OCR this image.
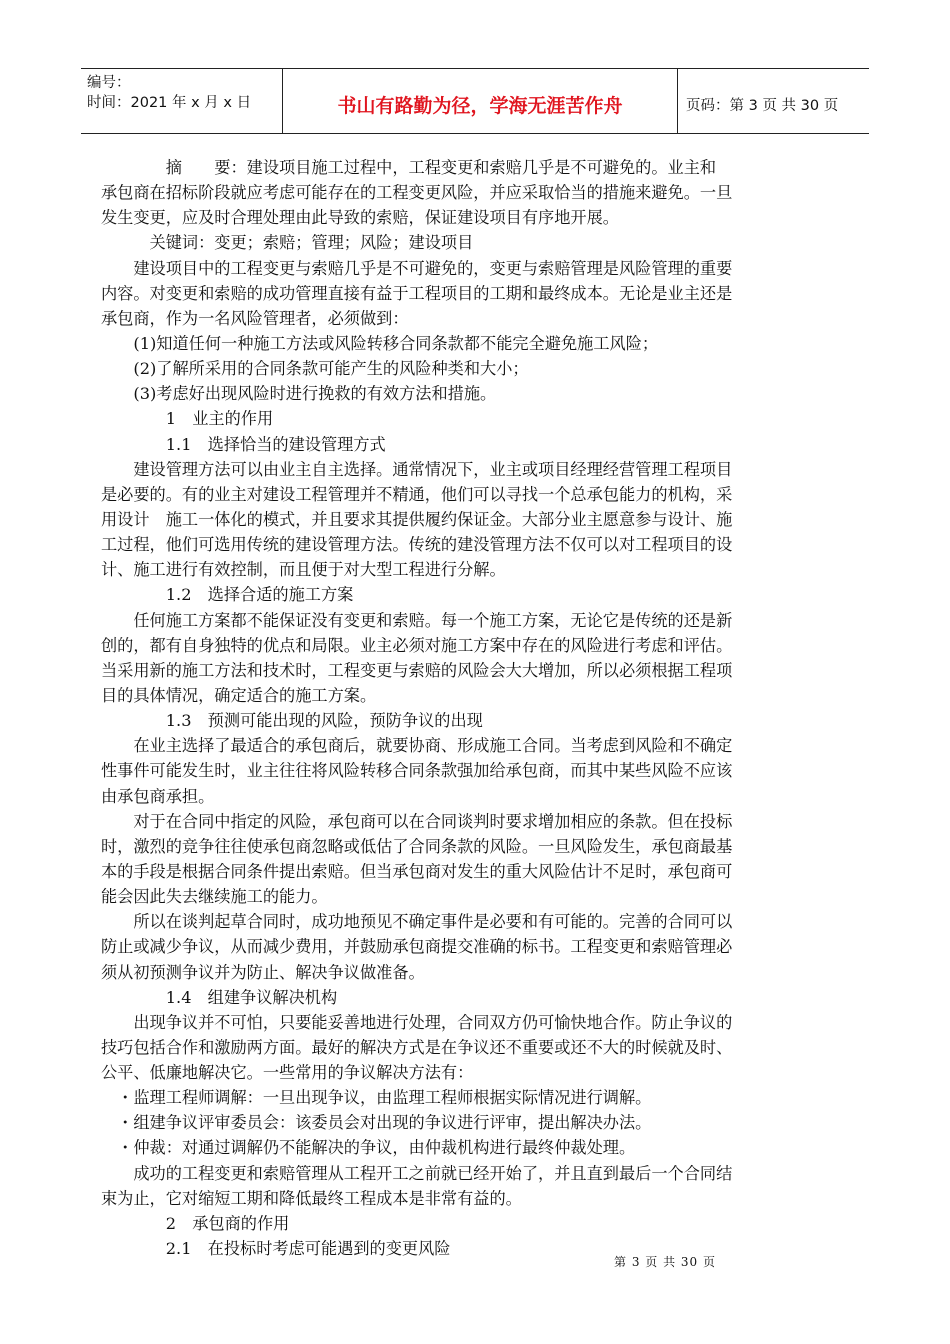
编号：
时间：2021 年 x 月 x 日	书山有路勤为径，学海无涯苦作舟	页码：第 3 页 共 30 页
　　　　摘　　要：建设项目施工过程中，工程变更和索赔几乎是不可避免的。业主和
承包商在招标阶段就应考虑可能存在的工程变更风险，并应采取恰当的措施来避免。一旦
发生变更，应及时合理处理由此导致的索赔，保证建设项目有序地开展。
　　　关键词：变更；索赔；管理；风险；建设项目
　　建设项目中的工程变更与索赔几乎是不可避免的，变更与索赔管理是风险管理的重要
内容。对变更和索赔的成功管理直接有益于工程项目的工期和最终成本。无论是业主还是
承包商，作为一名风险管理者，必须做到：
　　(1)知道任何一种施工方法或风险转移合同条款都不能完全避免施工风险；
　　(2)了解所采用的合同条款可能产生的风险种类和大小；
　　(3)考虑好出现风险时进行挽救的有效方法和措施。
　　　　1　业主的作用
　　　　1.1　选择恰当的建设管理方式
　　建设管理方法可以由业主自主选择。通常情况下，业主或项目经理经营管理工程项目
是必要的。有的业主对建设工程管理并不精通，他们可以寻找一个总承包能力的机构，采
用设计　施工一体化的模式，并且要求其提供履约保证金。大部分业主愿意参与设计、施
工过程，他们可选用传统的建设管理方法。传统的建没管理方法不仅可以对工程项目的设
计、施工进行有效控制，而且便于对大型工程进行分解。
　　　　1.2　选择合适的施工方案
　　任何施工方案都不能保证没有变更和索赔。每一个施工方案，无论它是传统的还是新
创的，都有自身独特的优点和局限。业主必须对施工方案中存在的风险进行考虑和评估。
当采用新的施工方法和技术时，工程变更与索赔的风险会大大增加，所以必须根据工程项
目的具体情况，确定适合的施工方案。
　　　　1.3　预测可能出现的风险，预防争议的出现
　　在业主选择了最适合的承包商后，就要协商、形成施工合同。当考虑到风险和不确定
性事件可能发生时，业主往往将风险转移合同条款强加给承包商，而其中某些风险不应该
由承包商承担。
　　对于在合同中指定的风险，承包商可以在合同谈判时要求增加相应的条款。但在投标
时，激烈的竞争往往使承包商忽略或低估了合同条款的风险。一旦风险发生，承包商最基
本的手段是根据合同条件提出索赔。但当承包商对发生的重大风险估计不足时，承包商可
能会因此失去继续施工的能力。
　　所以在谈判起草合同时，成功地预见不确定事件是必要和有可能的。完善的合同可以
防止或减少争议，从而减少费用，并鼓励承包商提交准确的标书。工程变更和索赔管理必
须从初预测争议并为防止、解决争议做准备。
　　　　1.4　组建争议解决机构
　　出现争议并不可怕，只要能妥善地进行处理，合同双方仍可愉快地合作。防止争议的
技巧包括合作和激励两方面。最好的解决方式是在争议还不重要或还不大的时候就及时、
公平、低廉地解决它。一些常用的争议解决方法有：
　・监理工程师调解：一旦出现争议，由监理工程师根据实际情况进行调解。
　・组建争议评审委员会：该委员会对出现的争议进行评审，提出解决办法。
　・仲裁：对通过调解仍不能解决的争议，由仲裁机构进行最终仲裁处理。
　　成功的工程变更和索赔管理从工程开工之前就已经开始了，并且直到最后一个合同结
束为止，它对缩短工期和降低最终工程成本是非常有益的。
　　　　2　承包商的作用
　　　　2.1　在投标时考虑可能遇到的变更风险
第 3 页 共 30 页
